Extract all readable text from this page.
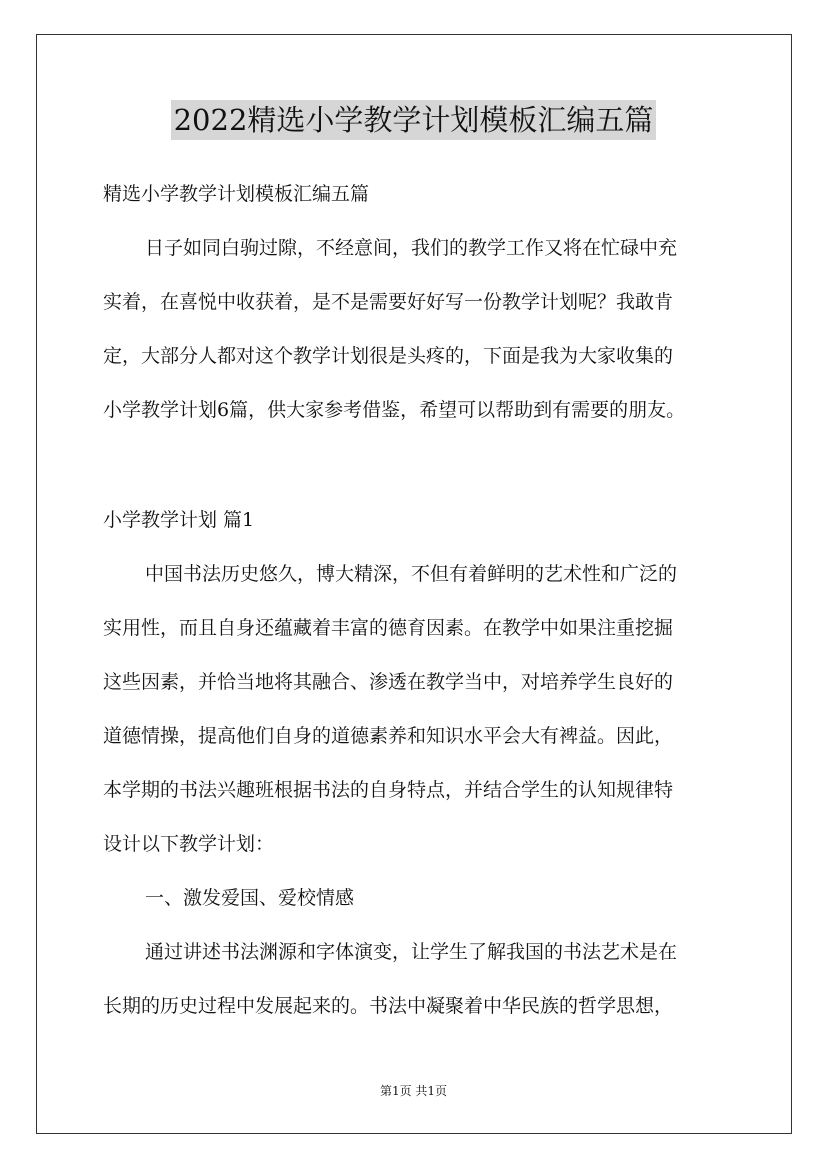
2022精选小学教学计划模板汇编五篇
精选小学教学计划模板汇编五篇
日子如同白驹过隙，不经意间，我们的教学工作又将在忙碌中充
实着，在喜悦中收获着，是不是需要好好写一份教学计划呢？我敢肯
定，大部分人都对这个教学计划很是头疼的，下面是我为大家收集的
小学教学计划6篇，供大家参考借鉴，希望可以帮助到有需要的朋友。
小学教学计划 篇1
中国书法历史悠久，博大精深，不但有着鲜明的艺术性和广泛的
实用性，而且自身还蕴藏着丰富的德育因素。在教学中如果注重挖掘
这些因素，并恰当地将其融合、渗透在教学当中，对培养学生良好的
道德情操，提高他们自身的道德素养和知识水平会大有裨益。因此，
本学期的书法兴趣班根据书法的自身特点，并结合学生的认知规律特
设计以下教学计划：
一、激发爱国、爱校情感
通过讲述书法渊源和字体演变，让学生了解我国的书法艺术是在
长期的历史过程中发展起来的。书法中凝聚着中华民族的哲学思想，
第1页 共1页
